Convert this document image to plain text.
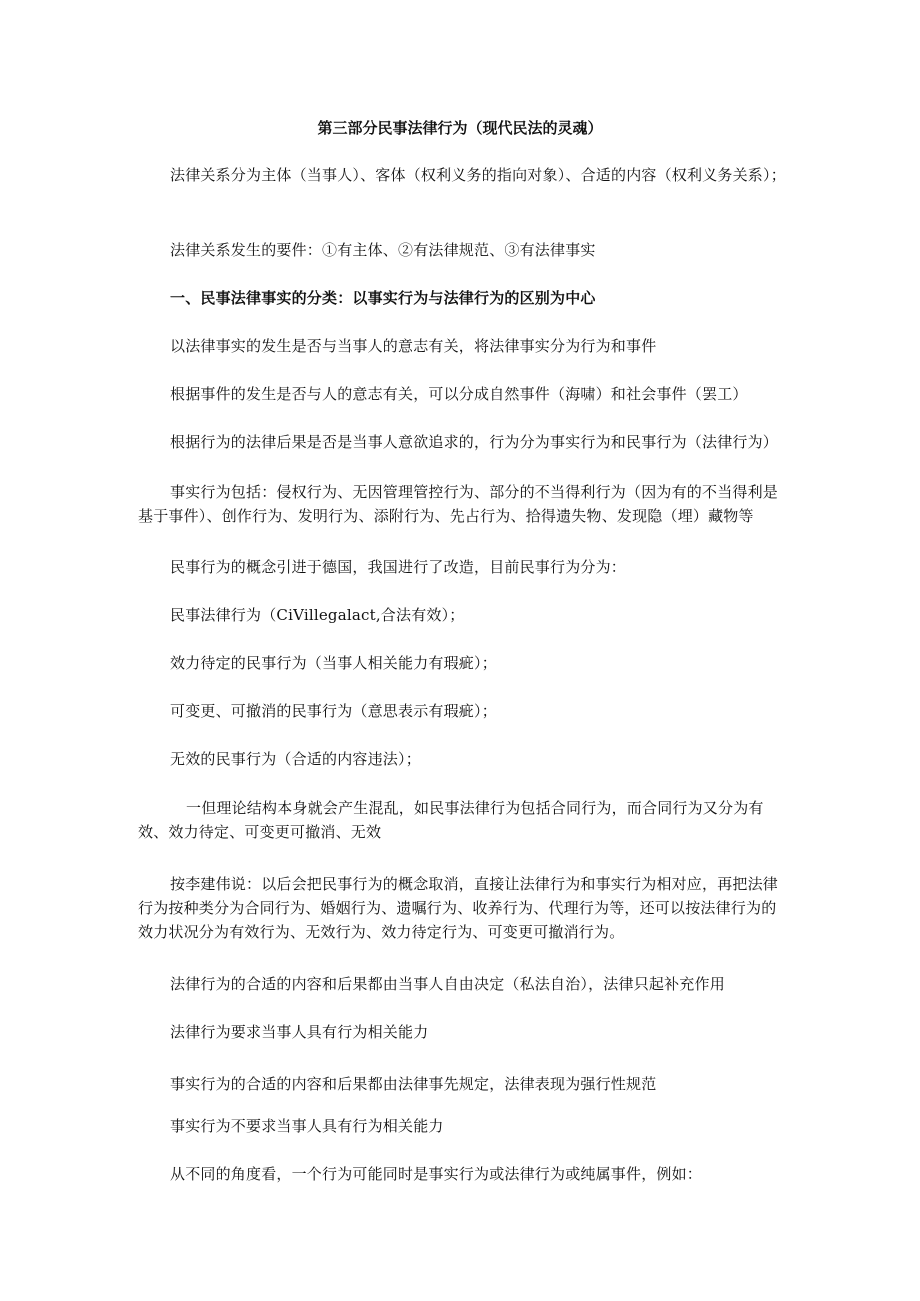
第三部分民事法律行为（现代民法的灵魂）
法律关系分为主体（当事人）、客体（权利义务的指向对象）、合适的内容（权利义务关系）；
法律关系发生的要件：①有主体、②有法律规范、③有法律事实
一、民事法律事实的分类：以事实行为与法律行为的区别为中心
以法律事实的发生是否与当事人的意志有关，将法律事实分为行为和事件
根据事件的发生是否与人的意志有关，可以分成自然事件（海啸）和社会事件（罢工）
根据行为的法律后果是否是当事人意欲追求的，行为分为事实行为和民事行为（法律行为）
事实行为包括：侵权行为、无因管理管控行为、部分的不当得利行为（因为有的不当得利是基于事件）、创作行为、发明行为、添附行为、先占行为、拾得遗失物、发现隐（埋）藏物等
民事行为的概念引进于德国，我国进行了改造，目前民事行为分为：
民事法律行为（CiVillegalact,合法有效）；
效力待定的民事行为（当事人相关能力有瑕疵）；
可变更、可撤消的民事行为（意思表示有瑕疵）；
无效的民事行为（合适的内容违法）；
一但理论结构本身就会产生混乱，如民事法律行为包括合同行为，而合同行为又分为有效、效力待定、可变更可撤消、无效
按李建伟说：以后会把民事行为的概念取消，直接让法律行为和事实行为相对应，再把法律行为按种类分为合同行为、婚姻行为、遗嘱行为、收养行为、代理行为等，还可以按法律行为的效力状况分为有效行为、无效行为、效力待定行为、可变更可撤消行为。
法律行为的合适的内容和后果都由当事人自由决定（私法自治），法律只起补充作用
法律行为要求当事人具有行为相关能力
事实行为的合适的内容和后果都由法律事先规定，法律表现为强行性规范
事实行为不要求当事人具有行为相关能力
从不同的角度看，一个行为可能同时是事实行为或法律行为或纯属事件，例如：
